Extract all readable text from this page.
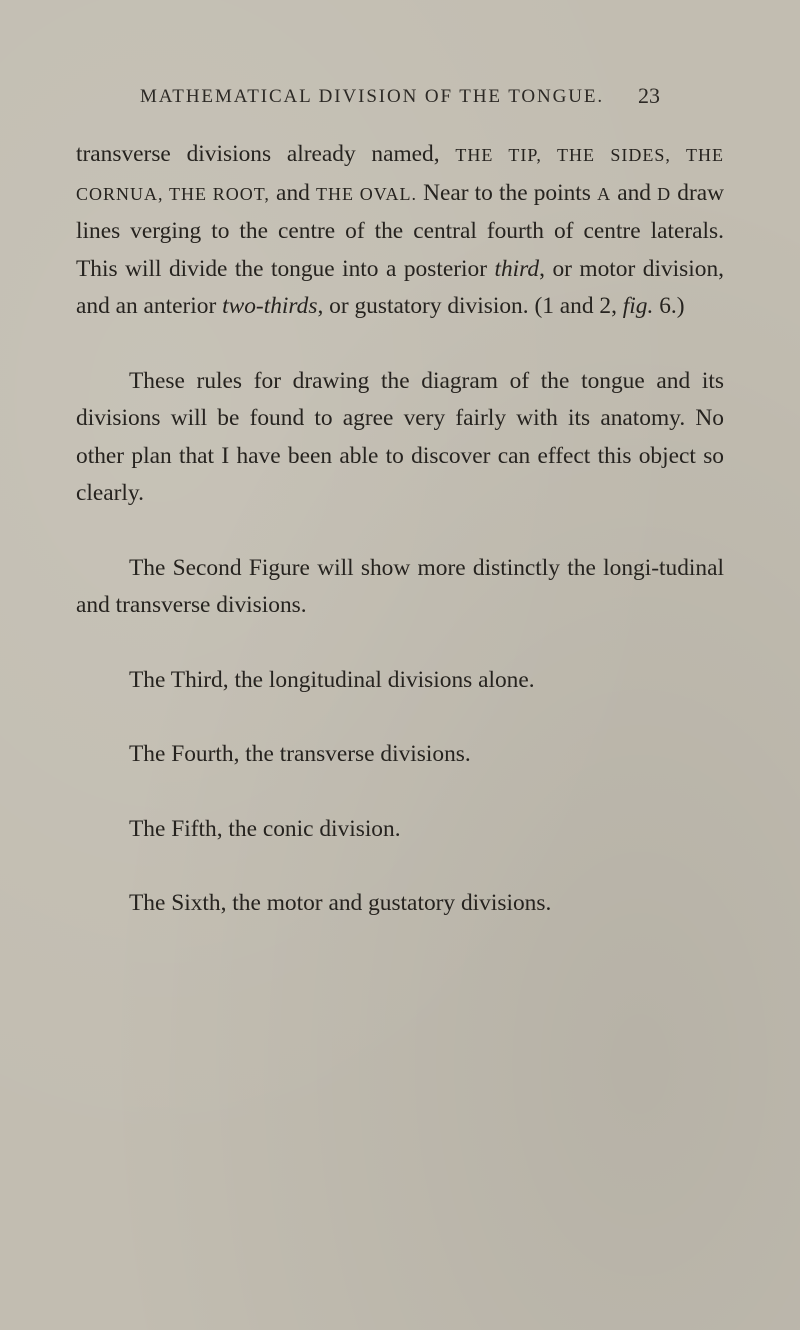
MATHEMATICAL DIVISION OF THE TONGUE. 23

transverse divisions already named, THE TIP, THE SIDES, THE CORNUA, THE ROOT, and THE OVAL. Near to the points A and D draw lines verging to the centre of the central fourth of centre laterals. This will divide the tongue into a posterior third, or motor division, and an anterior two-thirds, or gustatory division. (1 and 2, fig. 6.)

These rules for drawing the diagram of the tongue and its divisions will be found to agree very fairly with its anatomy. No other plan that I have been able to discover can effect this object so clearly.

The Second Figure will show more distinctly the longi-tudinal and transverse divisions.

The Third, the longitudinal divisions alone.

The Fourth, the transverse divisions.

The Fifth, the conic division.

The Sixth, the motor and gustatory divisions.
